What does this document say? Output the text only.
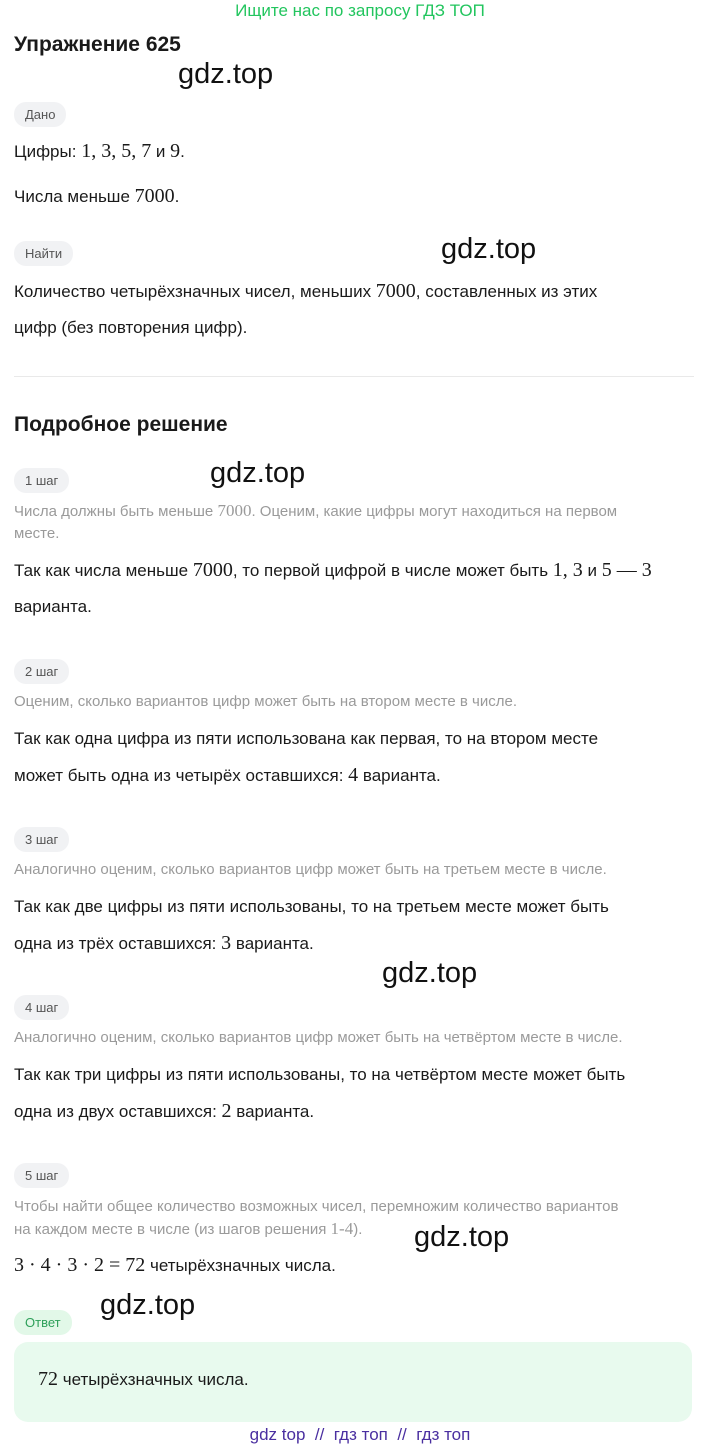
Ищите нас по запросу ГДЗ ТОП
Упражнение 625
gdz.top
gdz.top
gdz.top
gdz.top
gdz.top
gdz.top
Дано
Цифры: 1, 3, 5, 7 и 9.
Числа меньше 7000.
Найти
Количество четырёхзначных чисел, меньших 7000, составленных из этих
цифр (без повторения цифр).
Подробное решение
1 шаг
Числа должны быть меньше 7000. Оценим, какие цифры могут находиться на первом
месте.
Так как числа меньше 7000, то первой цифрой в числе может быть 1, 3 и 5 — 3
варианта.
2 шаг
Оценим, сколько вариантов цифр может быть на втором месте в числе.
Так как одна цифра из пяти использована как первая, то на втором месте
может быть одна из четырёх оставшихся: 4 варианта.
3 шаг
Аналогично оценим, сколько вариантов цифр может быть на третьем месте в числе.
Так как две цифры из пяти использованы, то на третьем месте может быть
одна из трёх оставшихся: 3 варианта.
4 шаг
Аналогично оценим, сколько вариантов цифр может быть на четвёртом месте в числе.
Так как три цифры из пяти использованы, то на четвёртом месте может быть
одна из двух оставшихся: 2 варианта.
5 шаг
Чтобы найти общее количество возможных чисел, перемножим количество вариантов
на каждом месте в числе (из шагов решения 1-4).
3 · 4 · 3 · 2 = 72 четырёхзначных числа.
Ответ
72 четырёхзначных числа.
gdz top  //  гдз топ  //  гдз топ
